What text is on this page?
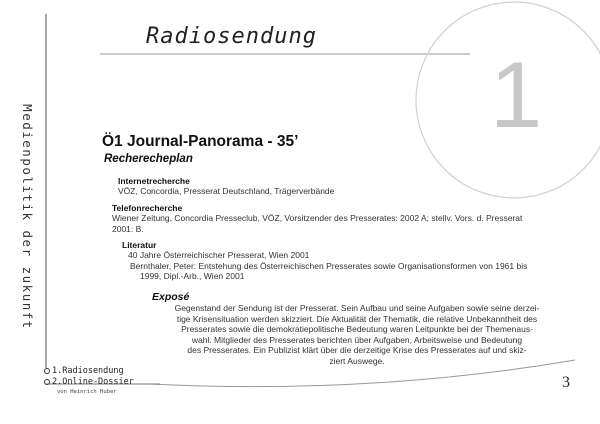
Medienpolitik der zukunft
Radiosendung
1
Ö1 Journal-Panorama - 35’
Recherecheplan
Internetrecherche
VÖZ, Concordia, Presserat Deutschland, Trägerverbände
Telefonrecherche
Wiener Zeitung, Concordia Presseclub, VÖZ, Vorsitzender des Presserates: 2002 A; stellv. Vors. d. Presserat
2001: B.
Literatur
40 Jahre Österreichischer Presserat, Wien 2001
Bernthaler, Peter: Entstehung des Österreichischen Presserates sowie Organisationsformen von 1961 bis
1999, Dipl.-Arb., Wien 2001
Exposé
Gegenstand der Sendung ist der Presserat. Sein Aufbau und seine Aufgaben sowie seine derzei-
tige Krisensituation werden skizziert. Die Aktualität der Thematik, die relative Unbekanntheit des
Presserates sowie die demokratiepolitische Bedeutung waren Leitpunkte bei der Themenaus-
wahl. Mitglieder des Presserates berichten über Aufgaben, Arbeitsweise und Bedeutung
des Presserates. Ein Publizist klärt über die derzeitige Krise des Presserates auf und skiz-
ziert Auswege.
1.Radiosendung
2.Online-Dossier
von Heinrich Huber
3
